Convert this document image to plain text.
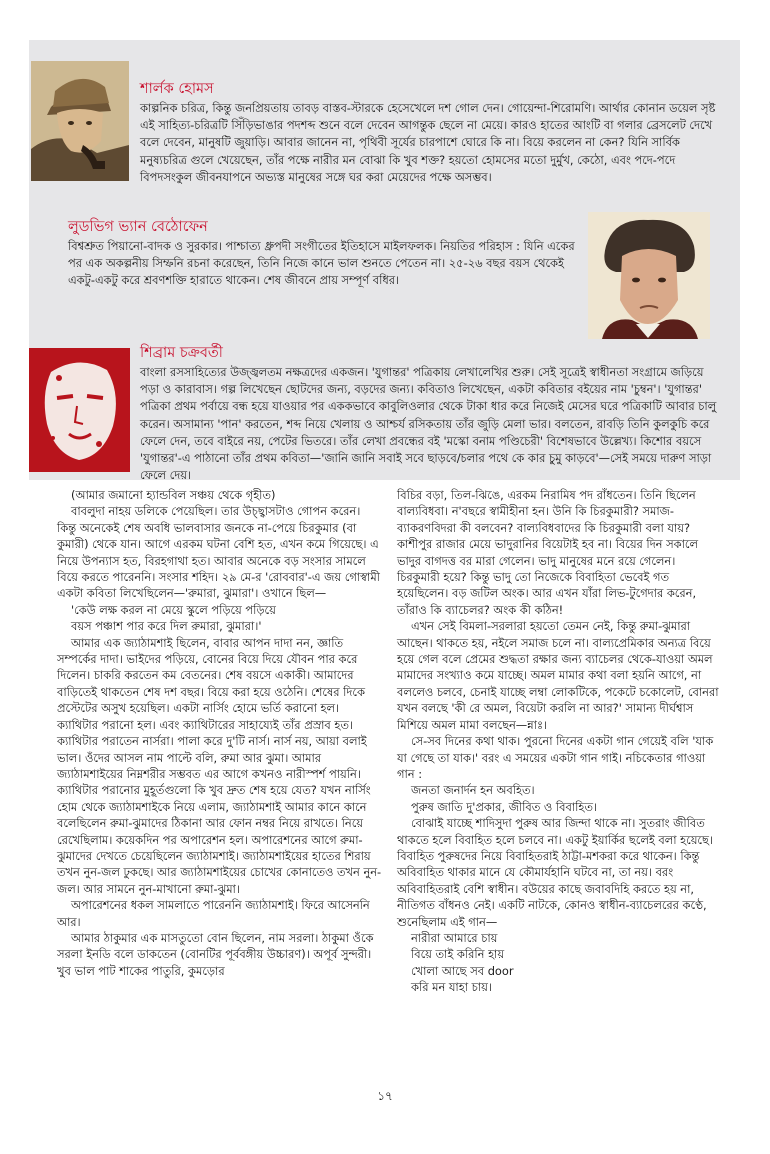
শার্লক হোমস

কাল্পনিক চরিত্র, কিন্তু জনপ্রিয়তায় তাবড় বাস্তব-স্টারকে হেসেখেলে দশ গোল দেন। গোয়েন্দা-শিরোমণি। আর্থার কোনান ডয়েল সৃষ্ট এই সাহিত্য-চরিত্রটি সিঁড়িভাঙার পদশব্দ শুনে বলে দেবেন আগন্তুক ছেলে না মেয়ে। কারও হাতের আংটি বা গলার ব্রেসলেট দেখে বলে দেবেন, মানুষটি জুয়াড়ি। আবার জানেন না, পৃথিবী সূর্যের চারপাশে ঘোরে কি না। বিয়ে করলেন না কেন? যিনি সার্বিক মনুষ্যচরিত্র গুলে খেয়েছেন, তাঁর পক্ষে নারীর মন বোঝা কি খুব শক্ত? হয়তো হোমসের মতো দুর্মুখ, কেঠো, এবং পদে-পদে বিপদসংকুল জীবনযাপনে অভ্যস্ত মানুষের সঙ্গে ঘর করা মেয়েদের পক্ষে অসম্ভব।

লুডভিগ ভ্যান বেঠোফেন

বিশ্বশ্রুত পিয়ানো-বাদক ও সুরকার। পাশ্চাত্য ধ্রুপদী সংগীতের ইতিহাসে মাইলফলক। নিয়তির পরিহাস : যিনি একের পর এক অকল্পনীয় সিম্ফনি রচনা করেছেন, তিনি নিজে কানে ভাল শুনতে পেতেন না। ২৫-২৬ বছর বয়স থেকেই একটু-একটু করে শ্রবণশক্তি হারাতে থাকেন। শেষ জীবনে প্রায় সম্পূর্ণ বধির।

শিব্রাম চক্রবর্তী

বাংলা রসসাহিত্যের উজ্জ্বলতম নক্ষত্রদের একজন। 'যুগান্তর' পত্রিকায় লেখালেখির শুরু। সেই সূত্রেই স্বাধীনতা সংগ্রামে জড়িয়ে পড়া ও কারাবাস। গল্প লিখেছেন ছোটদের জন্য, বড়দের জন্য। কবিতাও লিখেছেন, একটা কবিতার বইয়ের নাম 'চুম্বন'। 'যুগান্তর' পত্রিকা প্রথম পর্বায়ে বন্ধ হয়ে যাওয়ার পর এককভাবে কাবুলিওলার থেকে টাকা ধার করে নিজেই মেসের ঘরে পত্রিকাটি আবার চালু করেন। অসামান্য 'পান' করতেন, শব্দ নিয়ে খেলায় ও আশ্চর্য রসিকতায় তাঁর জুড়ি মেলা ভার। বলতেন, রাবড়ি তিনি কুলকুচি করে ফেলে দেন, তবে বাইরে নয়, পেটের ভিতরে। তাঁর লেখা প্রবন্ধের বই 'মস্কো বনাম পণ্ডিচেরী' বিশেষভাবে উল্লেখ্য। কিশোর বয়সে 'যুগান্তর'-এ পাঠানো তাঁর প্রথম কবিতা—'জানি জানি সবাই সবে ছাড়বে/চলার পথে কে কার চুমু কাড়বে'—সেই সময়ে দারুণ সাড়া ফেলে দেয়।

(আমার জমানো হ্যান্ডবিল সঞ্চয় থেকে গৃহীত)

বাবলুদা নাহয় ডলিকে পেয়েছিল। তার উচ্ছ্বাসটাও গোপন করেন। কিন্তু অনেকেই শেষ অবধি ভালবাসার জনকে না-পেয়ে চিরকুমার (বা কুমারী) থেকে যান। আগে এরকম ঘটনা বেশি হত, এখন কমে গিয়েছে। এ নিয়ে উপন্যাস হত, বিরহগাথা হত। আবার অনেকে বড় সংসার সামলে বিয়ে করতে পারেননি। সংসার শহিদ। ২৯ মে-র 'রোববার'-এ জয় গোস্বামী একটা কবিতা লিখেছিলেন—'রুমারা, ঝুমারা'। ওখানে ছিল—

'কেউ লক্ষ করল না মেয়ে স্কুলে পড়িয়ে পড়িয়ে

বয়স পঞ্চাশ পার করে দিল রুমারা, ঝুমারা।'

আমার এক জ্যাঠামশাই ছিলেন, বাবার আপন দাদা নন, জ্ঞাতি সম্পর্কের দাদা। ভাইদের পড়িয়ে, বোনের বিয়ে দিয়ে যৌবন পার করে দিলেন। চাকরি করতেন কম বেতনের। শেষ বয়সে একাকী। আমাদের বাড়িতেই থাকতেন শেষ দশ বছর। বিয়ে করা হয়ে ওঠেনি। শেষের দিকে প্রস্টেটের অসুখ হয়েছিল। একটা নার্সিং হোমে ভর্তি করানো হল। ক্যাথিটার পরানো হল। এবং ক্যাথিটারের সাহায্যেই তাঁর প্রস্রাব হত। ক্যাথিটার পরাতেন নার্সরা। পালা করে দু'টি নার্স। নার্স নয়, আয়া বলাই ভাল। ওঁদের আসল নাম পাল্টে বলি, রুমা আর ঝুমা। আমার জ্যাঠামশাইয়ের নিম্নশরীর সম্ভবত এর আগে কখনও নারীস্পর্শ পায়নি। ক্যাথিটার পরানোর মুহূর্তগুলো কি খুব দ্রুত শেষ হয়ে যেত? যখন নার্সিং হোম থেকে জ্যাঠামশাইকে নিয়ে এলাম, জ্যাঠামশাই আমার কানে কানে বলেছিলেন রুমা-ঝুমাদের ঠিকানা আর ফোন নম্বর নিয়ে রাখতে। নিয়ে রেখেছিলাম। কয়েকদিন পর অপারেশন হল। অপারেশনের আগে রুমা-ঝুমাদের দেখতে চেয়েছিলেন জ্যাঠামশাই। জ্যাঠামশাইয়ের হাতের শিরায় তখন নুন-জল ঢুকছে। আর জ্যাঠামশাইয়ের চোখের কোনাতেও তখন নুন-জল। আর সামনে নুন-মাখানো রুমা-ঝুমা।

অপারেশনের ধকল সামলাতে পারেননি জ্যাঠামশাই। ফিরে আসেননি আর।

আমার ঠাকুমার এক মাসতুতো বোন ছিলেন, নাম সরলা। ঠাকুমা ওঁকে সরলা ইনডি বলে ডাকতেন (বোনটির পূর্ববঙ্গীয় উচ্চারণ)। অপূর্ব সুন্দরী। খুব ভাল পাট শাকের পাতুরি, কুমড়োর

বিচির বড়া, তিল-ঝিঙে, এরকম নিরামিষ পদ রাঁধতেন। তিনি ছিলেন বাল্যবিধবা। ন'বছরে স্বামীহীনা হন। উনি কি চিরকুমারী? সমাজ-ব্যাকরণবিদরা কী বলবেন? বাল্যবিধবাদের কি চিরকুমারী বলা যায়? কাশীপুর রাজার মেয়ে ভাদুরানির বিয়েটাই হব না। বিয়ের দিন সকালে ভাদুর বাগদত্ত বর মারা গেলেন। ভাদু মানুষের মনে রয়ে গেলেন। চিরকুমারী হয়ে? কিন্তু ভাদু তো নিজেকে বিবাহিতা ভেবেই গত হয়েছিলেন। বড় জটিল অংক। আর এখন যাঁরা লিভ-টুগেদার করেন, তাঁরাও কি ব্যাচেলর? অংক কী কঠিন!

এখন সেই বিমলা-সরলারা হয়তো তেমন নেই, কিন্তু রুমা-ঝুমারা আছেন। থাকতে হয়, নইলে সমাজ চলে না। বাল্যপ্রেমিকার অন্যত্র বিয়ে হয়ে গেল বলে প্রেমের শুদ্ধতা রক্ষার জন্য ব্যাচেলর থেকে-যাওয়া অমল মামাদের সংখ্যাও কমে যাচ্ছে। অমল মামার কথা বলা হয়নি আগে, না বললেও চলবে, চেনাই যাচ্ছে লম্বা লোকটিকে, পকেটে চকোলেট, বোনরা যখন বলছে 'কী রে অমল, বিয়েটা করলি না আর?' সামান্য দীর্ঘশ্বাস মিশিয়ে অমল মামা বলছেন—ন্নাঃ।

সে-সব দিনের কথা থাক। পুরনো দিনের একটা গান গেয়েই বলি 'যাক যা গেছে তা যাক।' বরং এ সময়ের একটা গান গাই। নচিকেতার গাওয়া গান :

জনতা জনার্দন হন অবহিত।

পুরুষ জাতি দু'প্রকার, জীবিত ও বিবাহিত।

বোঝাই যাচ্ছে শাদিসুদা পুরুষ আর জিন্দা থাকে না। সুতরাং জীবিত থাকতে হলে বিবাহিত হলে চলবে না। একটু ইয়ার্কির ছলেই বলা হয়েছে। বিবাহিত পুরুষদের নিয়ে বিবাহিতরাই ঠাট্টা-মশকরা করে থাকেন। কিন্তু অবিবাহিত থাকার মানে যে কৌমার্যহানি ঘটবে না, তা নয়। বরং অবিবাহিতরাই বেশি স্বাধীন। বউয়ের কাছে জবাবদিহি করতে হয় না, নীতিগত বাঁধনও নেই। একটি নাটকে, কোনও স্বাধীন-ব্যাচেলরের কণ্ঠে, শুনেছিলাম এই গান—

নারীরা আমারে চায়

বিয়ে তাই করিনি হায়

খোলা আছে সব door

করি মন যাহা চায়।

১৭
